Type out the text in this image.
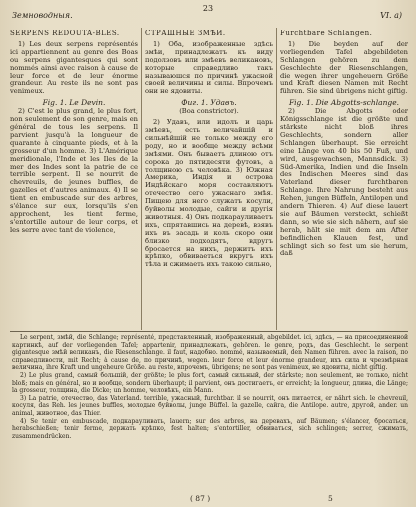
23
Земноводныя.	VI. a)

SERPENS REDOUTA-BLES.

1) Les deux serpens représentés ici appartiennent au genre des Boas ou serpens gigantesques qui sont nommés ainsi avec raison à cause de leur force et de leur énorme grandeur. Au reste ils ne sont pas venimeux.

Fig. 1. Le Devin.

2) C'est le plus grand, le plus fort, non seulement de son genre, mais en général de tous les serpens. Il parvient jusqu'à la longueur de quarante à cinquante pieds, et à la grosseur d'un homme. 3) L'Amérique meridionale, l'Inde et les Iles de la mer des Indes sont la patrie de ce terrible serpent. Il se nourrit de chevreuils, de jeunes buffles, de gazelles et d'autres animaux. 4) Il se tient en embuscade sur des arbres, s'élance sur eux, lorsqu'ils s'en approchent, les tient ferme, s'entortille autour de leur corps, et les serre avec tant de violence,

СТРАШНЫЕ ЗМѢИ.

1) Оба, изображенные здѣсь змѣи, принадлежатъ къ виду подолзовъ или змѣевъ великановъ, которые справедливо такъ называюшся по причинѣ ужасной своей величины и силы. Впрочемъ они не ядовиты.

Фиг. 1. Удавъ.

(Boa constrictor).

2) Удавъ, или идолъ и царь змѣевъ, есть величайшій и сильнѣйшій не только между его роду, но и вообще между всѣми змѣями. Онъ бываетъ длиною отъ сорока до пятидесяти футовъ, а толщиною съ человѣка. 3) Южная Америка, Индія и острова Индѣйскаго моря составляютъ отечество сего ужаснаго змѣя. Пищею для него служатъ косули, буйволы молодые, сайги и другія животныя. 4) Онъ подкарауливаетъ ихъ, спрятавшись на деревѣ, взявъ ихъ въ засадь и коль скоро они близко подходятъ, вдругъ бросается на нихъ, держитъ ихъ крѣпко, обвиваеться вкругъ ихъ тѣла и сжимаеть ихъ такою сильно,

Furchtbare Schlangen.

1) Die beyden auf der vorliegenden Tafel abgebildeten Schlangen gehören zu dem Geschlechte der Riesenschlangen, die wegen ihrer ungeheuern Größe und Kraft diesen Namen mit Recht führen. Sie sind übrigens nicht giftig.

Fig. 1. Die Abgotts-schlange.

2) Die Abgotts oder Königsschlange ist die größte und stärkste nicht bloß ihres Geschlechts, sondern aller Schlangen überhaupt. Sie erreicht eine Länge von 40 bis 50 Fuß, und wird, ausgewachsen, Mannsdick. 3) Süd-Amerika, Indien und die Inseln des Indischen Meeres sind das Vaterland dieser furchtbaren Schlange. Ihre Nahrung besteht aus Rehen, jungen Büffeln, Antilopen und andern Thieren. 4) Auf diese lauert sie auf Bäumen versteckt, schießt dann, so wie sie sich nähern, auf sie herab, hält sie mit dem am After befindlichen Klauen fest, und schlingt sich so fest um sie herum, daß

Le serpent, змѣй, die Schlange; représenté, представленный, изображенный, abgebildet. ici, здѣсь, — на присоединенной картинкѣ, auf der vorliegenden Tafel; appartenir, принадлежать, gehören. le genre, родъ, das Geschlecht. le serpent gigantesque змѣй великанъ, die Riesenschlange. il faut, надобно. nommé, называемый, den Namen führen. avec la raison, по справедливости, mit Recht; à cause de, по причинѣ, wegen. leur force et leur énorme grandeur, ихъ сила и чрезмѣрная величина, ihre Kraft und ungeheure Größe. au reste, впрочемъ, übrigens; ne sont pas venimeux, не ядовиты, nicht giftig.

2) Le plus grand, самый большій, der größte; le plus fort, самый сильный, der stärkste; non seulement, не только, nicht bloß; mais en général, но и вообще, sondern überhaupt; il parvient, онъ достигаетъ, er erreicht; la longueur, длина, die Länge; la grosseur, толщина, die Dicke; un homme, человѣкъ, ein Mann.

3) La patrie, отечество, das Vaterland. terrible, ужасный, furchtbar. il se nourrit, онъ питается, er nährt sich. le chevreuil, косуля, das Reh. les jeunes buffles, молодые буйволы, junge Büffel. la gazelle, сайга, die Antilope. autre, другой, ander. un animal, животное, das Thier.

4) Se tenir en embuscade, подкарауливать, lauern; sur des arbres, на деревахъ, auf Bäumen; s'élancer, бросаться, herabschießen; tenir ferme, держать крѣпко, fest halten; s'entortiller, обвиваться, sich schlingen; serrer, сжимать, zusammendrücken.

( 87 )	5
